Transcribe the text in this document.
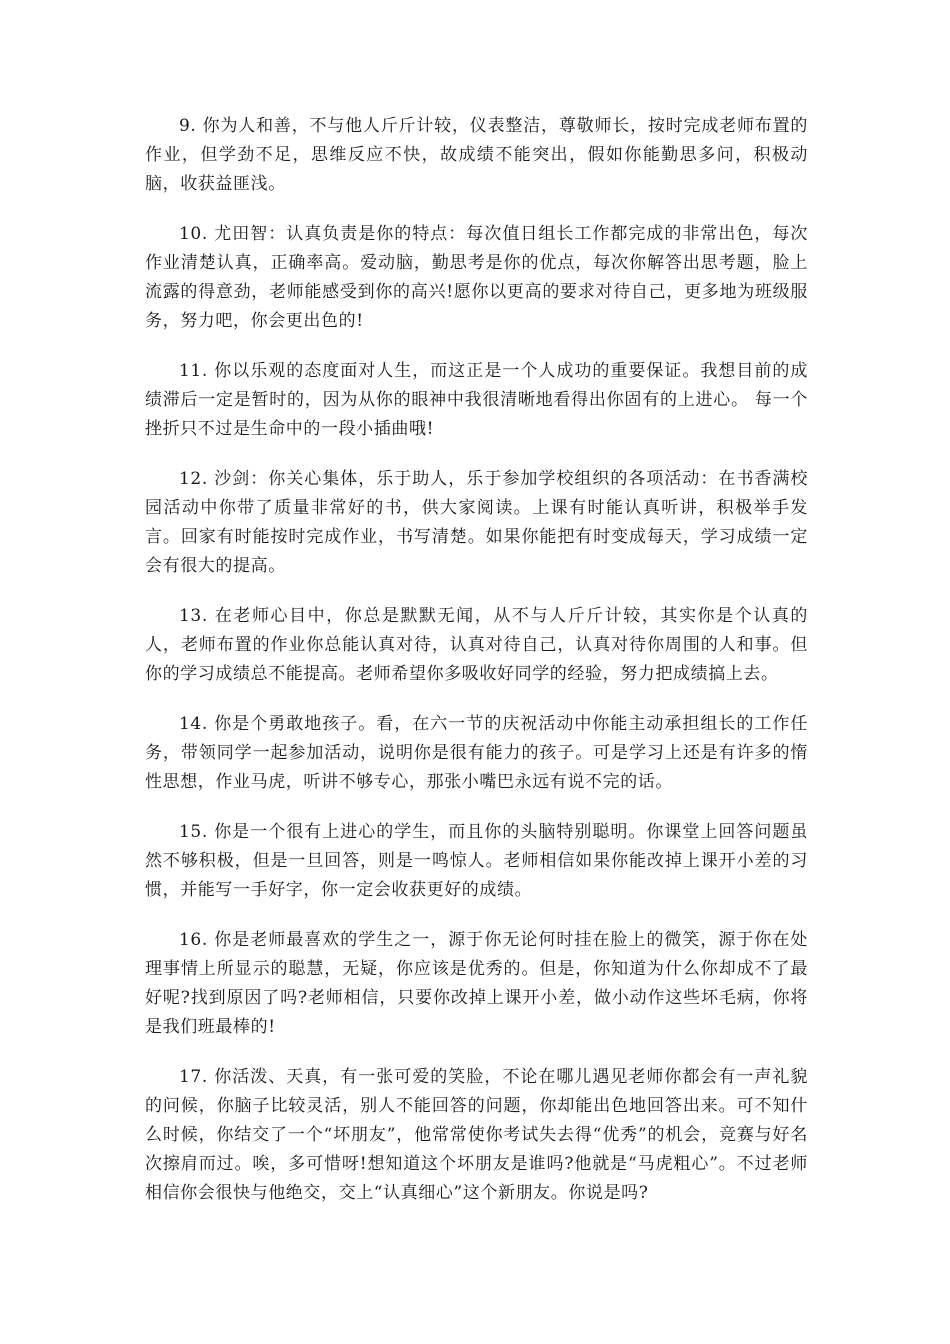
9. 你为人和善，不与他人斤斤计较，仪表整洁，尊敬师长，按时完成老师布置的作业，但学劲不足，思维反应不快，故成绩不能突出，假如你能勤思多问，积极动脑，收获益匪浅。

10. 尤田智：认真负责是你的特点：每次值日组长工作都完成的非常出色，每次作业清楚认真，正确率高。爱动脑，勤思考是你的优点，每次你解答出思考题，脸上流露的得意劲，老师能感受到你的高兴!愿你以更高的要求对待自己，更多地为班级服务，努力吧，你会更出色的!

11. 你以乐观的态度面对人生，而这正是一个人成功的重要保证。我想目前的成绩滞后一定是暂时的，因为从你的眼神中我很清晰地看得出你固有的上进心。 每一个挫折只不过是生命中的一段小插曲哦!

12. 沙剑：你关心集体，乐于助人，乐于参加学校组织的各项活动：在书香满校园活动中你带了质量非常好的书，供大家阅读。上课有时能认真听讲，积极举手发言。回家有时能按时完成作业，书写清楚。如果你能把有时变成每天，学习成绩一定会有很大的提高。

13. 在老师心目中，你总是默默无闻，从不与人斤斤计较，其实你是个认真的人，老师布置的作业你总能认真对待，认真对待自己，认真对待你周围的人和事。但你的学习成绩总不能提高。老师希望你多吸收好同学的经验，努力把成绩搞上去。

14. 你是个勇敢地孩子。看，在六一节的庆祝活动中你能主动承担组长的工作任务，带领同学一起参加活动，说明你是很有能力的孩子。可是学习上还是有许多的惰性思想，作业马虎，听讲不够专心，那张小嘴巴永远有说不完的话。

15. 你是一个很有上进心的学生，而且你的头脑特别聪明。你课堂上回答问题虽然不够积极，但是一旦回答，则是一鸣惊人。老师相信如果你能改掉上课开小差的习惯，并能写一手好字，你一定会收获更好的成绩。

16. 你是老师最喜欢的学生之一，源于你无论何时挂在脸上的微笑，源于你在处理事情上所显示的聪慧，无疑，你应该是优秀的。但是，你知道为什么你却成不了最好呢?找到原因了吗?老师相信，只要你改掉上课开小差，做小动作这些坏毛病，你将是我们班最棒的!

17. 你活泼、天真，有一张可爱的笑脸，不论在哪儿遇见老师你都会有一声礼貌的问候，你脑子比较灵活，别人不能回答的问题，你却能出色地回答出来。可不知什么时候，你结交了一个“坏朋友”，他常常使你考试失去得“优秀”的机会，竞赛与好名次擦肩而过。唉，多可惜呀!想知道这个坏朋友是谁吗?他就是“马虎粗心”。不过老师相信你会很快与他绝交，交上“认真细心”这个新朋友。你说是吗?
